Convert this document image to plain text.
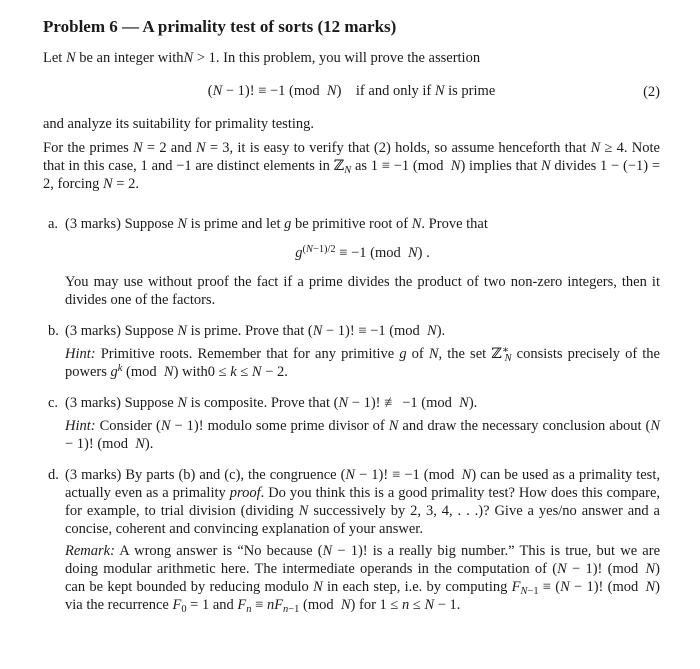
Problem 6 — A primality test of sorts (12 marks)

Let N be an integer withN > 1. In this problem, you will prove the assertion

(N − 1)! ≡ −1 (mod N) if and only if N is prime	(2)

and analyze its suitability for primality testing.

For the primes N = 2 and N = 3, it is easy to verify that (2) holds, so assume henceforth that N ≥ 4. Note that in this case, 1 and −1 are distinct elements in ℤ$_N$ as 1 ≡ −1 (mod N) implies that N divides 1 − (−1) = 2, forcing N = 2.

a. (3 marks) Suppose N is prime and let g be primitive root of N. Prove that

$g^{(N-1)/2} \equiv -1$ (mod N) .

You may use without proof the fact if a prime divides the product of two non-zero integers, then it divides one of the factors.

b. (3 marks) Suppose N is prime. Prove that (N − 1)! ≡ −1 (mod N).

Hint: Primitive roots. Remember that for any primitive g of N, the set ℤ∗$_N$ consists precisely of the powers $g^k$ (mod N) with0 ≤ k ≤ N − 2.

c. (3 marks) Suppose N is composite. Prove that (N − 1)! ≢ −1 (mod N).

Hint: Consider (N − 1)! modulo some prime divisor of N and draw the necessary conclusion about (N − 1)! (mod N).

d. (3 marks) By parts (b) and (c), the congruence (N − 1)! ≡ −1 (mod N) can be used as a primality test, actually even as a primality proof. Do you think this is a good primality test? How does this compare, for example, to trial division (dividing N successively by 2, 3, 4, . . .)? Give a yes/no answer and a concise, coherent and convincing explanation of your answer.

Remark: A wrong answer is “No because (N − 1)! is a really big number.” This is true, but we are doing modular arithmetic here. The intermediate operands in the computation of (N − 1)! (mod N) can be kept bounded by reducing modulo N in each step, i.e. by computing $F_{N-1} \equiv (N - 1)$! (mod N) via the recurrence $F_0 = 1$ and $F_n \equiv nF_{n-1}$ (mod N) for 1 ≤ n ≤ N − 1.
